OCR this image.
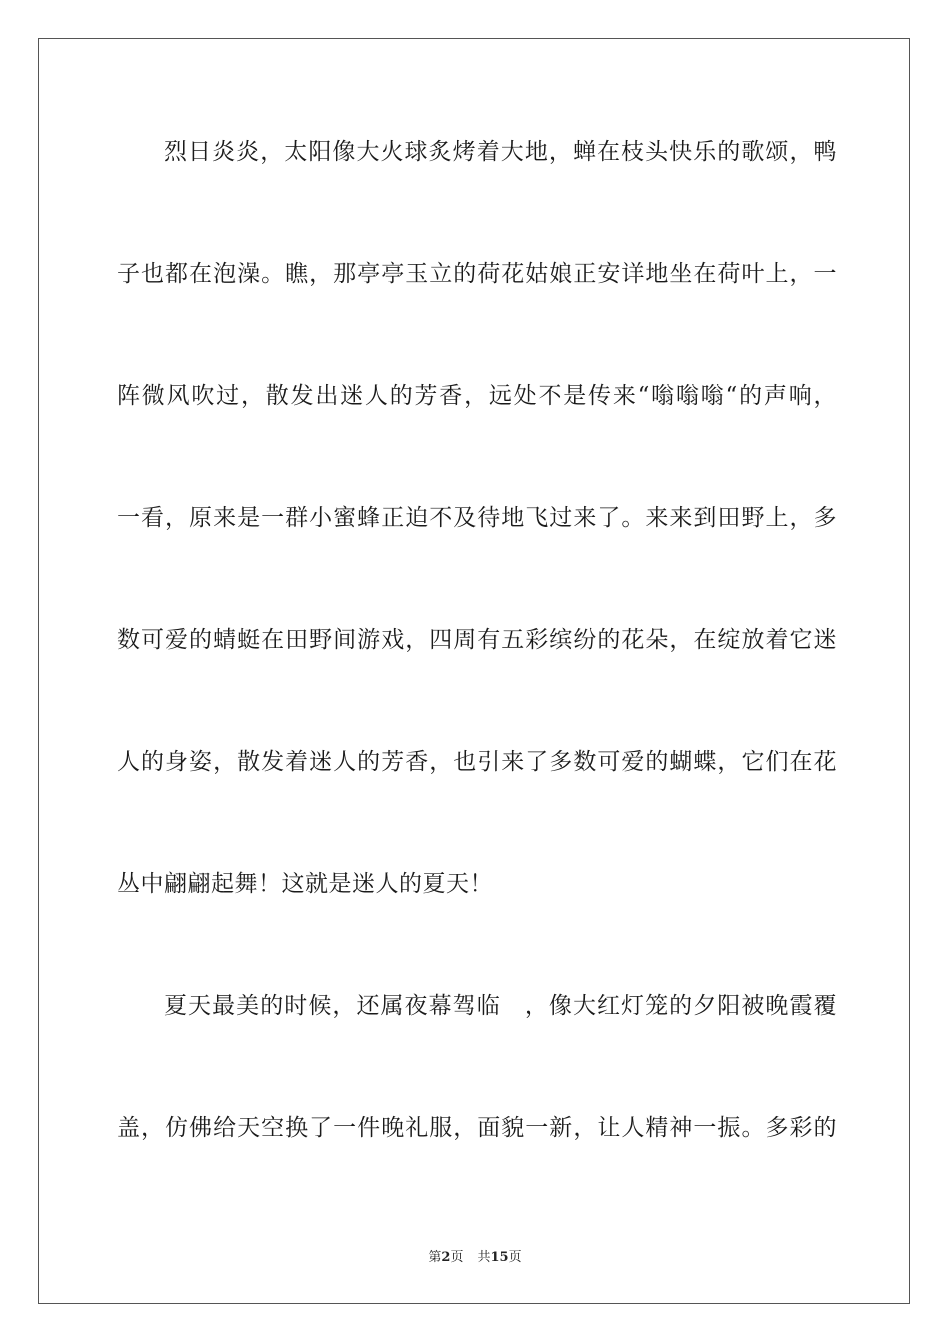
烈日炎炎，太阳像大火球炙烤着大地，蝉在枝头快乐的歌颂，鸭
子也都在泡澡。瞧，那亭亭玉立的荷花姑娘正安详地坐在荷叶上，一
阵微风吹过，散发出迷人的芳香，远处不是传来“嗡嗡嗡“的声响，
一看，原来是一群小蜜蜂正迫不及待地飞过来了。来来到田野上，多
数可爱的蜻蜓在田野间游戏，四周有五彩缤纷的花朵，在绽放着它迷
人的身姿，散发着迷人的芳香，也引来了多数可爱的蝴蝶，它们在花
丛中翩翩起舞！这就是迷人的夏天！
夏天最美的时候，还属夜幕驾临　，像大红灯笼的夕阳被晚霞覆
盖，仿佛给天空换了一件晚礼服，面貌一新，让人精神一振。多彩的
第2页 共15页
